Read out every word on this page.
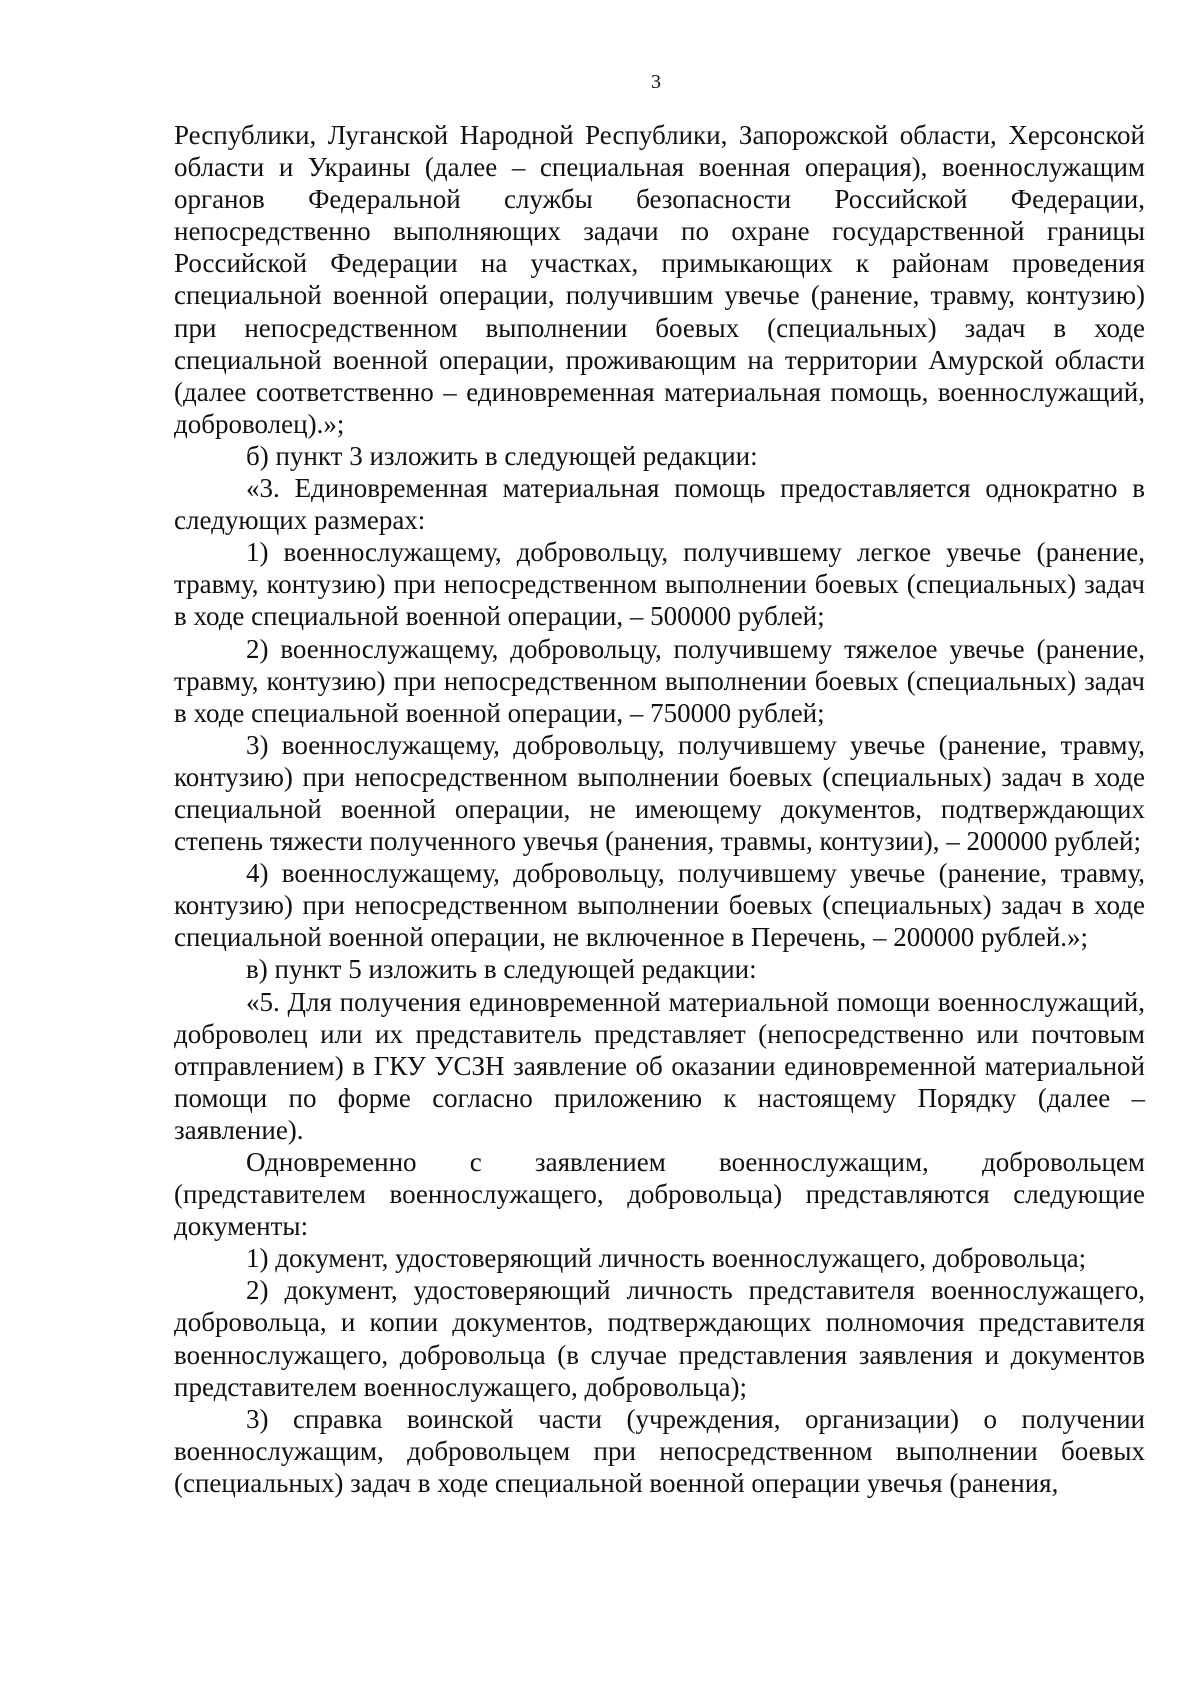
3

Республики, Луганской Народной Республики, Запорожской области, Херсонской области и Украины (далее – специальная военная операция), военнослужащим органов Федеральной службы безопасности Российской Федерации, непосредственно выполняющих задачи по охране государственной границы Российской Федерации на участках, примыкающих к районам проведения специальной военной операции, получившим увечье (ранение, травму, контузию) при непосредственном выполнении боевых (специальных) задач в ходе специальной военной операции, проживающим на территории Амурской области (далее соответственно – единовременная материальная помощь, военнослужащий, доброволец).»;

б) пункт 3 изложить в следующей редакции:

«3. Единовременная материальная помощь предоставляется однократно в следующих размерах:

1) военнослужащему, добровольцу, получившему легкое увечье (ранение, травму, контузию) при непосредственном выполнении боевых (специальных) задач в ходе специальной военной операции, – 500000 рублей;

2) военнослужащему, добровольцу, получившему тяжелое увечье (ранение, травму, контузию) при непосредственном выполнении боевых (специальных) задач в ходе специальной военной операции, – 750000 рублей;

3) военнослужащему, добровольцу, получившему увечье (ранение, травму, контузию) при непосредственном выполнении боевых (специальных) задач в ходе специальной военной операции, не имеющему документов, подтверждающих степень тяжести полученного увечья (ранения, травмы, контузии), – 200000 рублей;

4) военнослужащему, добровольцу, получившему увечье (ранение, травму, контузию) при непосредственном выполнении боевых (специальных) задач в ходе специальной военной операции, не включенное в Перечень, – 200000 рублей.»;

в) пункт 5 изложить в следующей редакции:

«5. Для получения единовременной материальной помощи военнослужащий, доброволец или их представитель представляет (непосредственно или почтовым отправлением) в ГКУ УСЗН заявление об оказании единовременной материальной помощи по форме согласно приложению к настоящему Порядку (далее – заявление).

Одновременно с заявлением военнослужащим, добровольцем (представителем военнослужащего, добровольца) представляются следующие документы:

1) документ, удостоверяющий личность военнослужащего, добровольца;

2) документ, удостоверяющий личность представителя военнослужащего, добровольца, и копии документов, подтверждающих полномочия представителя военнослужащего, добровольца (в случае представления заявления и документов представителем военнослужащего, добровольца);

3) справка воинской части (учреждения, организации) о получении военнослужащим, добровольцем при непосредственном выполнении боевых (специальных) задач в ходе специальной военной операции увечья (ранения,
